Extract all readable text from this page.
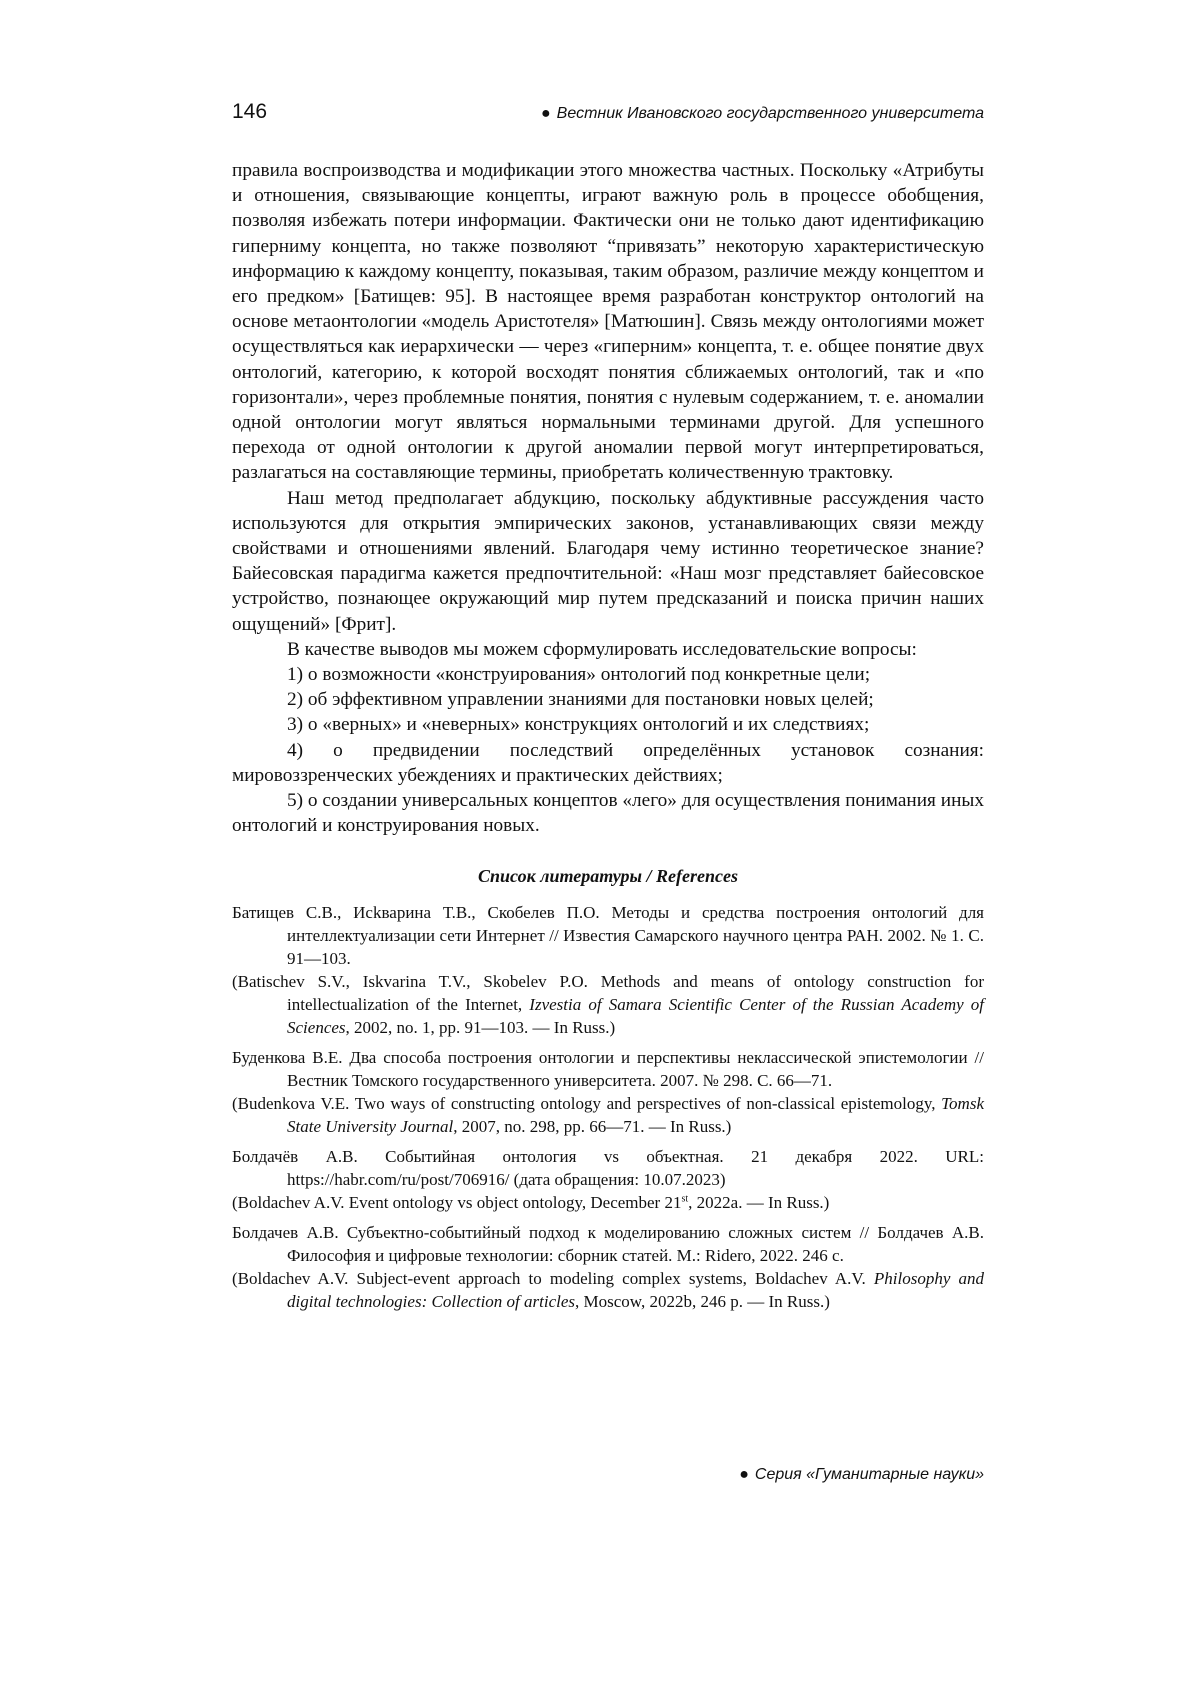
146	● Вестник Ивановского государственного университета

правила воспроизводства и модификации этого множества частных. Поскольку «Атрибуты и отношения, связывающие концепты, играют важную роль в процессе обобщения, позволяя избежать потери информации. Фактически они не только дают идентификацию гиперниму концепта, но также позволяют “привязать” некоторую характеристическую информацию к каждому концепту, показывая, таким образом, различие между концептом и его предком» [Батищев: 95]. В настоящее время разработан конструктор онтологий на основе метаонтологии «модель Аристотеля» [Матюшин]. Связь между онтологиями может осуществляться как иерархически — через «гиперним» концепта, т. е. общее понятие двух онтологий, категорию, к которой восходят понятия сближаемых онтологий, так и «по горизонтали», через проблемные понятия, понятия с нулевым содержанием, т. е. аномалии одной онтологии могут являться нормальными терминами другой. Для успешного перехода от одной онтологии к другой аномалии первой могут интерпретироваться, разлагаться на составляющие термины, приобретать количественную трактовку.

Наш метод предполагает абдукцию, поскольку абдуктивные рассуждения часто используются для открытия эмпирических законов, устанавливающих связи между свойствами и отношениями явлений. Благодаря чему истинно теоретическое знание? Байесовская парадигма кажется предпочтительной: «Наш мозг представляет байесовское устройство, познающее окружающий мир путем предсказаний и поиска причин наших ощущений» [Фрит].

В качестве выводов мы можем сформулировать исследовательские вопросы:

1) о возможности «конструирования» онтологий под конкретные цели;

2) об эффективном управлении знаниями для постановки новых целей;

3) о «верных» и «неверных» конструкциях онтологий и их следствиях;

4) о предвидении последствий определённых установок сознания: мировоззренческих убеждениях и практических действиях;

5) о создании универсальных концептов «лего» для осуществления понимания иных онтологий и конструирования новых.

Список литературы / References

Батищев С.В., Исkварина Т.В., Скобелев П.О. Методы и средства построения онтологий для интеллектуализации сети Интернет // Известия Самарского научного центра РАН. 2002. № 1. С. 91—103.

(Batischev S.V., Iskvarina T.V., Skobelev P.O. Methods and means of ontology construction for intellectualization of the Internet, Izvestia of Samara Scientific Center of the Russian Academy of Sciences, 2002, no. 1, pp. 91—103. — In Russ.)

Буденкова В.Е. Два способа построения онтологии и перспективы неклассической эпистемологии // Вестник Томского государственного университета. 2007. № 298. С. 66—71.

(Budenkova V.E. Two ways of constructing ontology and perspectives of non-classical epistemology, Tomsk State University Journal, 2007, no. 298, pp. 66—71. — In Russ.)

Болдачёв А.В. Событийная онтология vs объектная. 21 декабря 2022. URL: https://habr.com/ru/post/706916/ (дата обращения: 10.07.2023)

(Boldachev A.V. Event ontology vs object ontology, December 21st, 2022a. — In Russ.)

Болдачев А.В. Субъектно-событийный подход к моделированию сложных систем // Болдачев А.В. Философия и цифровые технологии: сборник статей. М.: Ridero, 2022. 246 с.

(Boldachev A.V. Subject-event approach to modeling complex systems, Boldachev A.V. Philosophy and digital technologies: Collection of articles, Moscow, 2022b, 246 p. — In Russ.)

● Серия «Гуманитарные науки»
